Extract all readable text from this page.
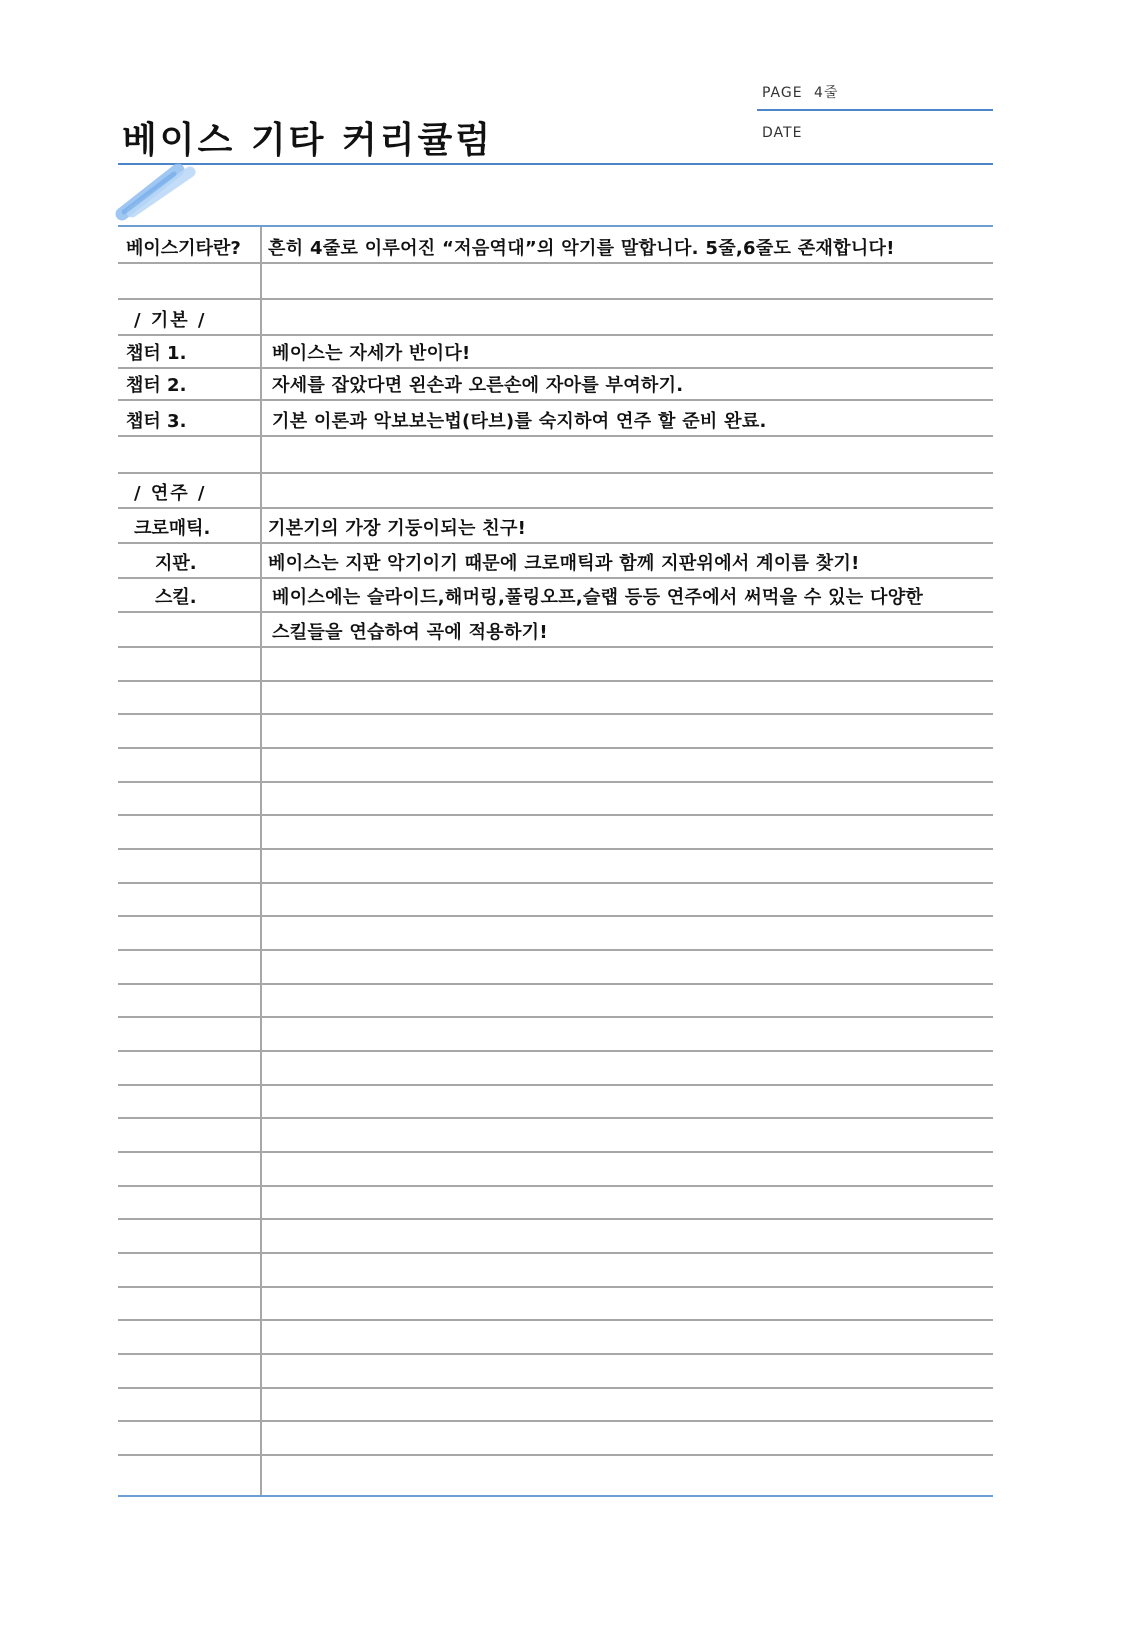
베이스 기타 커리큘럼
PAGE 4줄
DATE
베이스기타란?	흔히 4줄로 이루어진 “저음역대”의 악기를 말합니다. 5줄,6줄도 존재합니다!
/ 기본 /
챕터 1.	베이스는 자세가 반이다!
챕터 2.	자세를 잡았다면 왼손과 오른손에 자아를 부여하기.
챕터 3.	기본 이론과 악보보는법(타브)를 숙지하여 연주 할 준비 완료.
/ 연주 /
크로매틱.	기본기의 가장 기둥이되는 친구!
지판.	베이스는 지판 악기이기 때문에 크로매틱과 함께 지판위에서 계이름 찾기!
스킬.	베이스에는 슬라이드,해머링,풀링오프,슬랩 등등 연주에서 써먹을 수 있는 다양한
스킬들을 연습하여 곡에 적용하기!
